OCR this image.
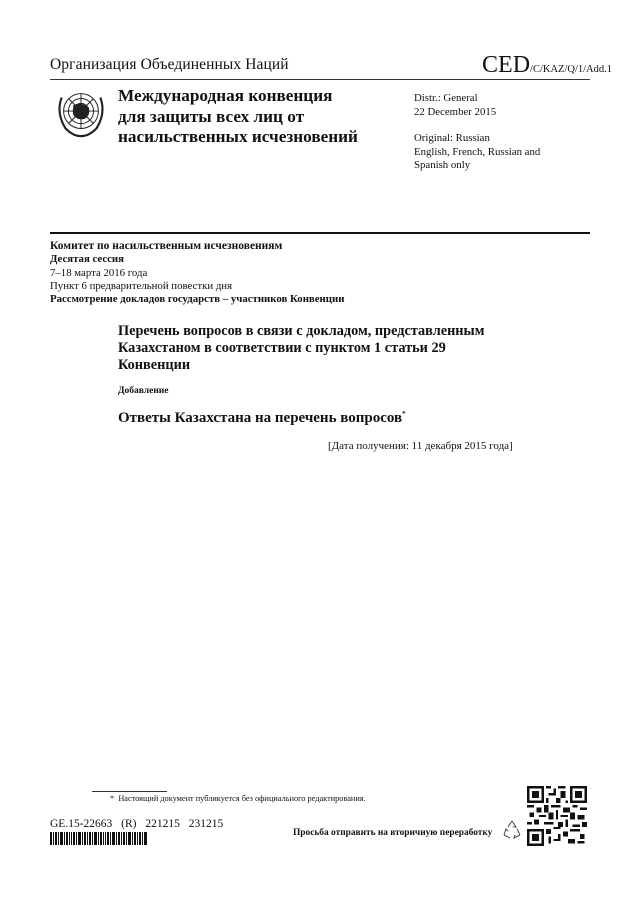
Организация Объединенных Наций	CED/C/KAZ/Q/1/Add.1
Международная конвенция
для защиты всех лиц от
насильственных исчезновений
Distr.: General
22 December 2015
Original: Russian
English, French, Russian and
Spanish only
Комитет по насильственным исчезновениям
Десятая сессия
7–18 марта 2016 года
Пункт 6 предварительной повестки дня
Рассмотрение докладов государств – участников Конвенции
Перечень вопросов в связи с докладом, представленным
Казахстаном в соответствии с пунктом 1 статьи 29
Конвенции
Добавление
Ответы Казахстана на перечень вопросов*
[Дата получения: 11 декабря 2015 года]
* Настоящий документ публикуется без официального редактирования.
GE.15-22663 (R) 221215 231215
Просьба отправить на вторичную переработку
